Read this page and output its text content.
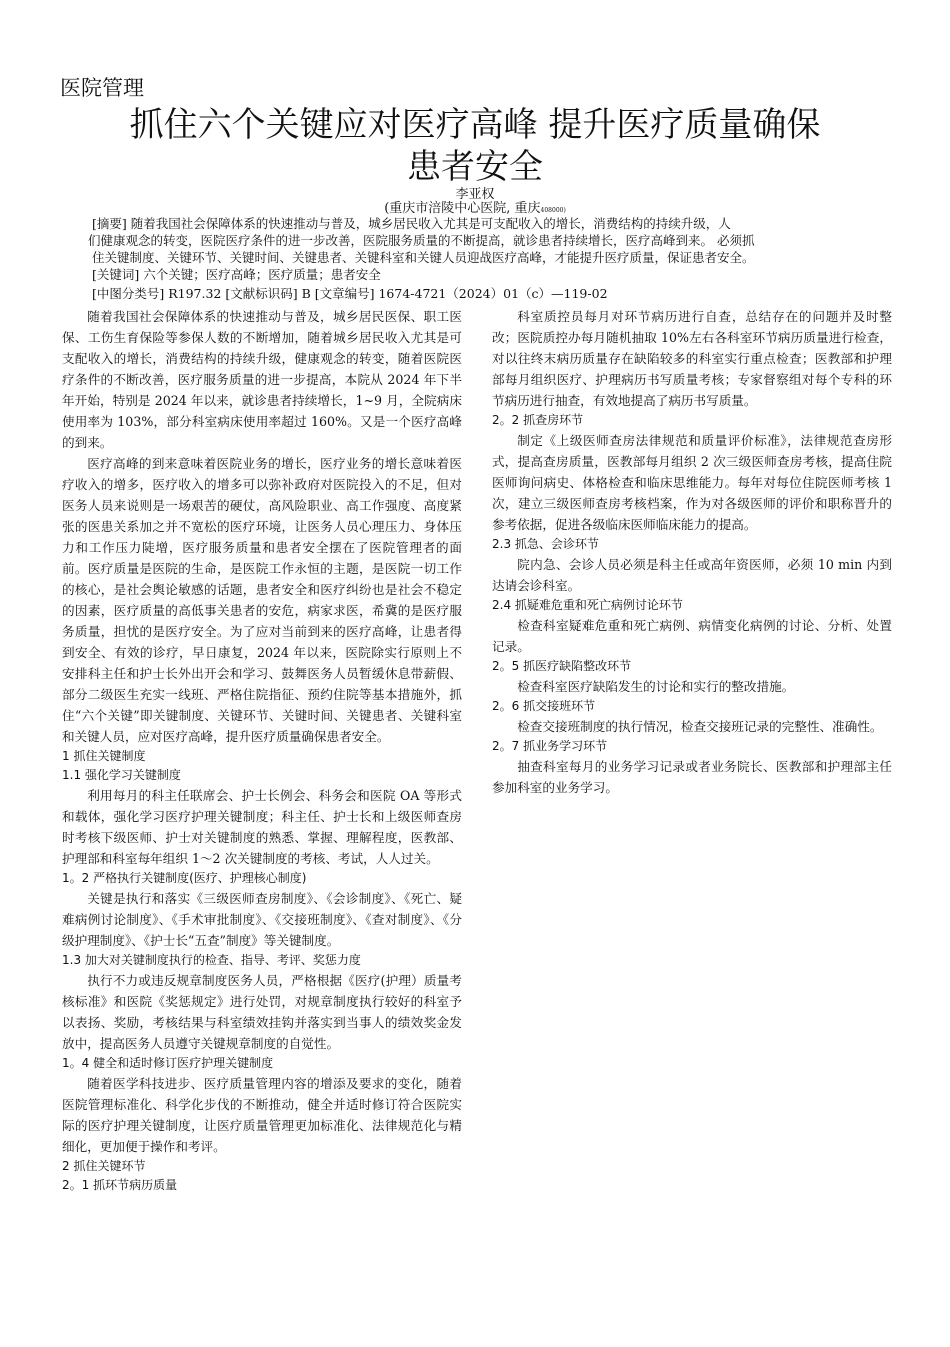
医院管理
抓住六个关键应对医疗高峰 提升医疗质量确保
患者安全
李亚权
(重庆市涪陵中心医院, 重庆408000)

[摘要] 随着我国社会保障体系的快速推动与普及，城乡居民收入尤其是可支配收入的增长，消费结构的持续升级，人

们健康观念的转变，医院医疗条件的进一步改善，医院服务质量的不断提高，就诊患者持续增长，医疗高峰到来。 必须抓

住关键制度、关键环节、关键时间、关键患者、关键科室和关键人员迎战医疗高峰，才能提升医疗质量，保证患者安全。

[关键词] 六个关键；医疗高峰；医疗质量；患者安全

[中图分类号] R197.32 [文献标识码] B [文章编号] 1674-4721（2024）01（c）—119-02

随着我国社会保障体系的快速推动与普及，城乡居民医保、职工医保、工伤生育保险等参保人数的不断增加，随着城乡居民收入尤其是可支配收入的增长，消费结构的持续升级，健康观念的转变，随着医院医疗条件的不断改善，医疗服务质量的进一步提高，本院从 2024 年下半年开始，特别是 2024 年以来，就诊患者持续增长，1~9 月，全院病床使用率为 103%，部分科室病床使用率超过 160%。又是一个医疗高峰的到来。

医疗高峰的到来意味着医院业务的增长，医疗业务的增长意味着医疗收入的增多，医疗收入的增多可以弥补政府对医院投入的不足，但对医务人员来说则是一场艰苦的硬仗，高风险职业、高工作强度、高度紧张的医患关系加之并不宽松的医疗环境，让医务人员心理压力、身体压力和工作压力陡增，医疗服务质量和患者安全摆在了医院管理者的面前。医疗质量是医院的生命，是医院工作永恒的主题，是医院一切工作的核心，是社会舆论敏感的话题，患者安全和医疗纠纷也是社会不稳定的因素，医疗质量的高低事关患者的安危，病家求医，希冀的是医疗服务质量，担忧的是医疗安全。为了应对当前到来的医疗高峰，让患者得到安全、有效的诊疗，早日康复，2024 年以来，医院除实行原则上不安排科主任和护士长外出开会和学习、鼓舞医务人员暂缓休息带薪假、部分二级医生充实一线班、严格住院指征、预约住院等基本措施外，抓住“六个关键”即关键制度、关键环节、关键时间、关键患者、关键科室和关键人员，应对医疗高峰，提升医疗质量确保患者安全。

1 抓住关键制度

1.1 强化学习关键制度

利用每月的科主任联席会、护士长例会、科务会和医院 OA 等形式和载体，强化学习医疗护理关键制度；科主任、护士长和上级医师查房时考核下级医师、护士对关键制度的熟悉、掌握、理解程度，医教部、护理部和科室每年组织 1～2 次关键制度的考核、考试，人人过关。

1。2 严格执行关键制度(医疗、护理核心制度)

关键是执行和落实《三级医师查房制度》、《会诊制度》、《死亡、疑难病例讨论制度》、《手术审批制度》、《交接班制度》、《查对制度》、《分级护理制度》、《护士长“五查”制度》等关键制度。

1.3 加大对关键制度执行的检查、指导、考评、奖惩力度

执行不力或违反规章制度医务人员，严格根据《医疗(护理）质量考核标准》和医院《奖惩规定》进行处罚，对规章制度执行较好的科室予以表扬、奖励，考核结果与科室绩效挂钩并落实到当事人的绩效奖金发放中，提高医务人员遵守关键规章制度的自觉性。

1。4 健全和适时修订医疗护理关键制度

随着医学科技进步、医疗质量管理内容的增添及要求的变化，随着医院管理标准化、科学化步伐的不断推动，健全并适时修订符合医院实际的医疗护理关键制度，让医疗质量管理更加标准化、法律规范化与精细化，更加便于操作和考评。

2 抓住关键环节

2。1 抓环节病历质量

科室质控员每月对环节病历进行自查，总结存在的问题并及时整改；医院质控办每月随机抽取 10%左右各科室环节病历质量进行检查，对以往终末病历质量存在缺陷较多的科室实行重点检查；医教部和护理部每月组织医疗、护理病历书写质量考核；专家督察组对每个专科的环节病历进行抽查，有效地提高了病历书写质量。

2。2 抓查房环节

制定《上级医师查房法律规范和质量评价标准》，法律规范查房形式，提高查房质量，医教部每月组织 2 次三级医师查房考核，提高住院医师询问病史、体格检查和临床思维能力。每年对每位住院医师考核 1 次，建立三级医师查房考核档案，作为对各级医师的评价和职称晋升的参考依据，促进各级临床医师临床能力的提高。

2.3 抓急、会诊环节

院内急、会诊人员必须是科主任或高年资医师，必须 10 min 内到达请会诊科室。

2.4 抓疑难危重和死亡病例讨论环节

检查科室疑难危重和死亡病例、病情变化病例的讨论、分析、处置记录。

2。5 抓医疗缺陷整改环节

检查科室医疗缺陷发生的讨论和实行的整改措施。

2。6 抓交接班环节

检查交接班制度的执行情况，检查交接班记录的完整性、准确性。

2。7 抓业务学习环节

抽查科室每月的业务学习记录或者业务院长、医教部和护理部主任参加科室的业务学习。
